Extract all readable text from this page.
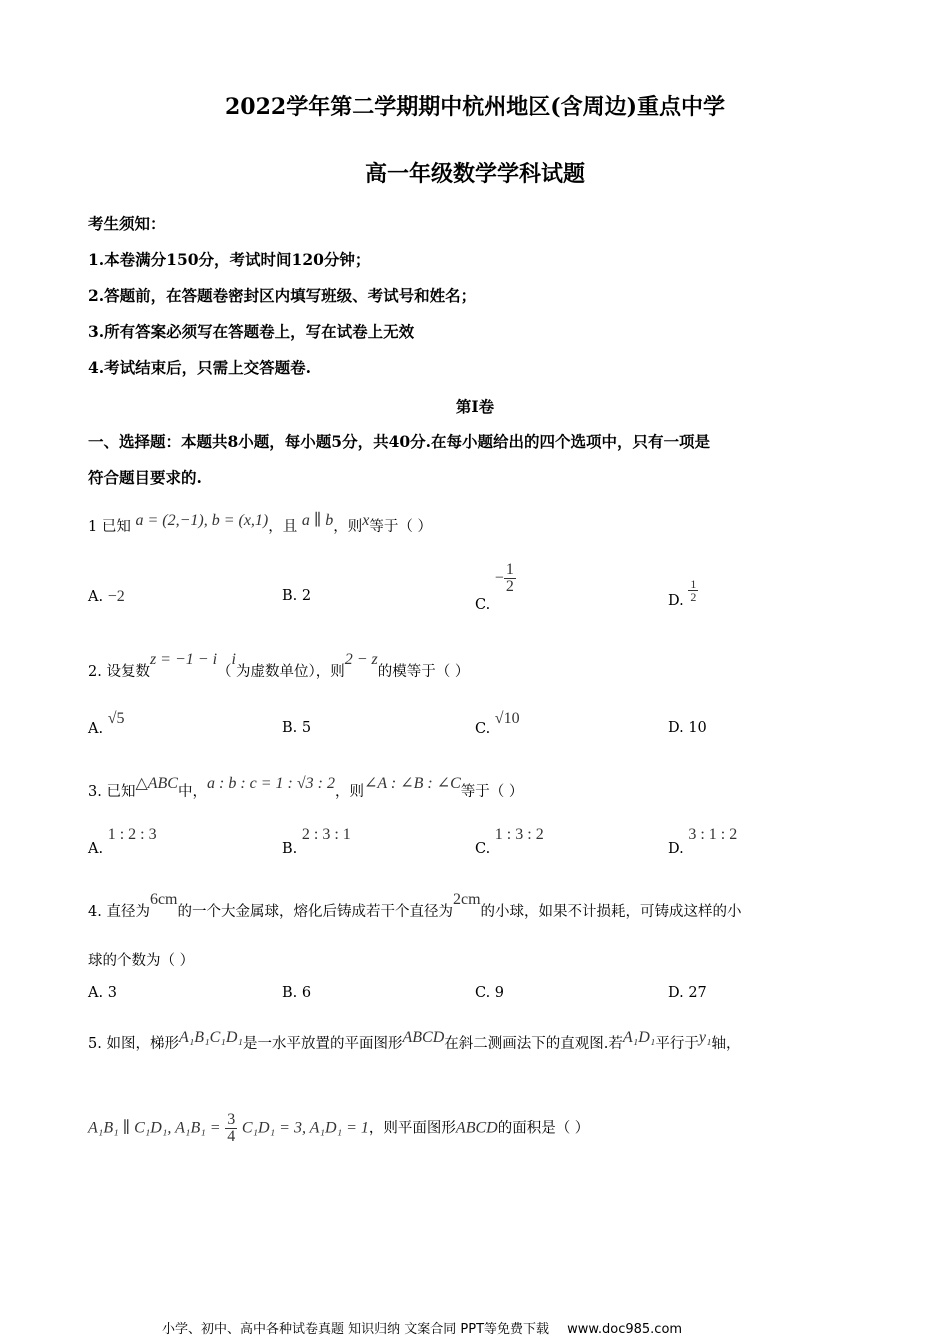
2022学年第二学期期中杭州地区(含周边)重点中学
高一年级数学学科试题
考生须知：
1.本卷满分150分，考试时间120分钟；
2.答题前，在答题卷密封区内填写班级、考试号和姓名；
3.所有答案必须写在答题卷上，写在试卷上无效
4.考试结束后，只需上交答题卷.
第Ⅰ卷
一、选择题：本题共8小题，每小题5分，共40分.在每小题给出的四个选项中，只有一项是
符合题目要求的.
1 已知 a = (2,−1), b = (x,1)，且 a ∥ b，则x等于（ ）
A. −2	B. 2
C. − $\frac{1}{2}$
D. $\frac{1}{2}$
2. 设复数z = −1 − i（i为虚数单位），则2 − z的模等于（ ）
A. √5
B. 5	C. √10
D. 10
3. 已知△ABC中，a : b : c = 1 : √3 : 2，则∠A : ∠B : ∠C等于（ ）
A. 1 : 2 : 3
B. 2 : 3 : 1
C. 1 : 3 : 2
D. 3 : 1 : 2
4. 直径为6cm的一个大金属球，熔化后铸成若干个直径为2cm的小球，如果不计损耗，可铸成这样的小
球的个数为（ ）
A. 3	B. 6	C. 9	D. 27
5. 如图，梯形A₁B₁C₁D₁是一水平放置的平面图形ABCD在斜二测画法下的直观图.若A₁D₁平行于y₁轴，
A₁B₁ ∥ C₁D₁, $A_1B_1 = \frac{3}{4} C_1D_1 = 3$, A₁D₁ = 1，则平面图形ABCD的面积是（ ）
小学、初中、高中各种试卷真题 知识归纳 文案合同 PPT等免费下载 www.doc985.com
